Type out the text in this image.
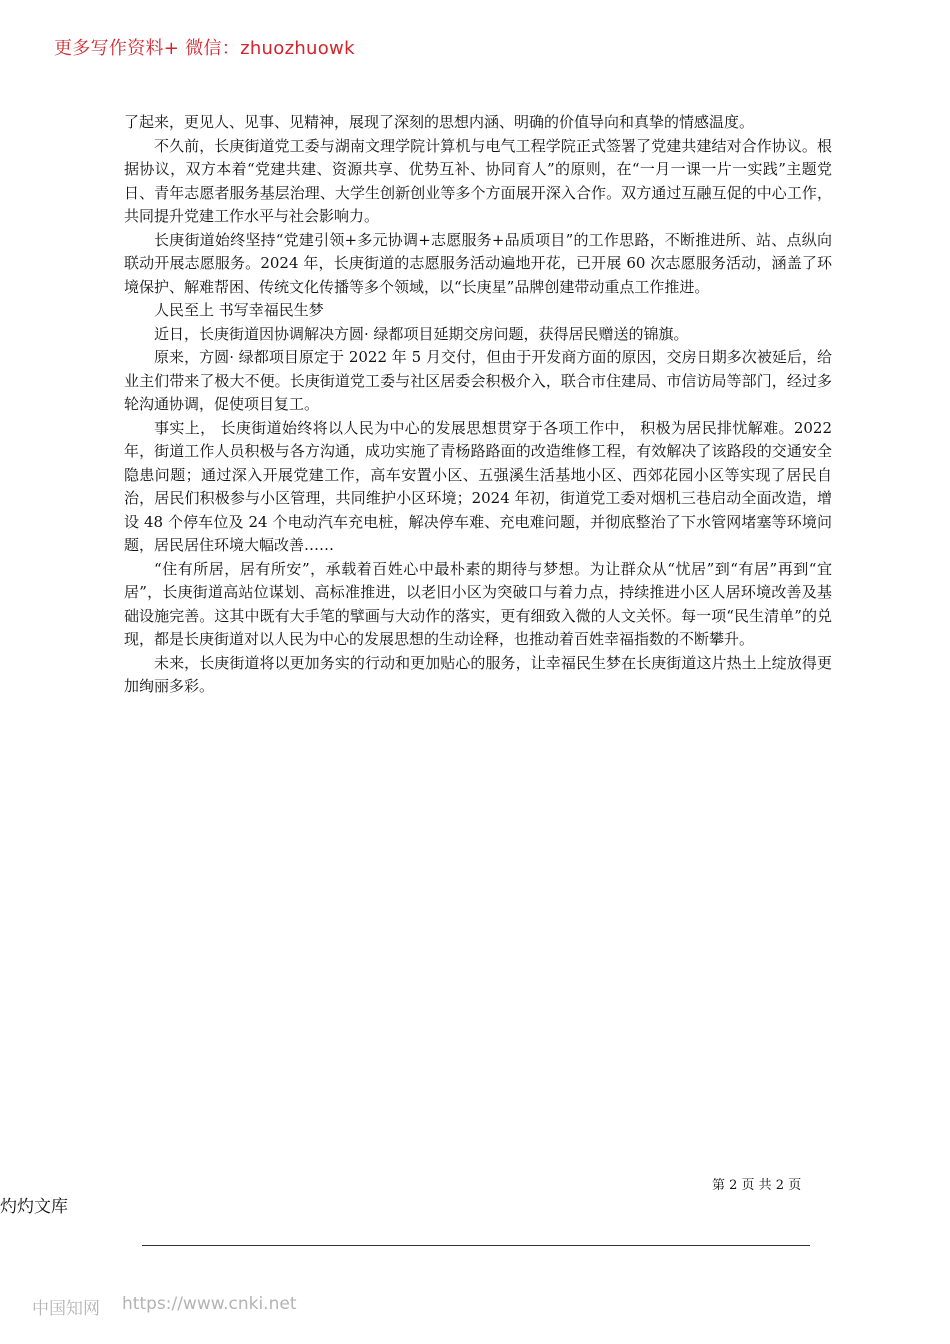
更多写作资料+ 微信：zhuozhuowk

了起来，更见人、见事、见精神，展现了深刻的思想内涵、明确的价值导向和真挚的情感温度。

不久前，长庚街道党工委与湖南文理学院计算机与电气工程学院正式签署了党建共建结对合作协议。根据协议，双方本着“党建共建、资源共享、优势互补、协同育人”的原则，在“一月一课一片一实践”主题党日、青年志愿者服务基层治理、大学生创新创业等多个方面展开深入合作。双方通过互融互促的中心工作，共同提升党建工作水平与社会影响力。

长庚街道始终坚持“党建引领+多元协调+志愿服务+品质项目”的工作思路，不断推进所、站、点纵向联动开展志愿服务。2024 年，长庚街道的志愿服务活动遍地开花，已开展 60 次志愿服务活动，涵盖了环境保护、解难帮困、传统文化传播等多个领域，以“长庚星”品牌创建带动重点工作推进。

人民至上 书写幸福民生梦

近日，长庚街道因协调解决方圆· 绿都项目延期交房问题，获得居民赠送的锦旗。

原来，方圆· 绿都项目原定于 2022 年 5 月交付，但由于开发商方面的原因，交房日期多次被延后，给业主们带来了极大不便。长庚街道党工委与社区居委会积极介入，联合市住建局、市信访局等部门，经过多轮沟通协调，促使项目复工。

事实上， 长庚街道始终将以人民为中心的发展思想贯穿于各项工作中， 积极为居民排忧解难。2022 年，街道工作人员积极与各方沟通，成功实施了青杨路路面的改造维修工程，有效解决了该路段的交通安全隐患问题；通过深入开展党建工作，高车安置小区、五强溪生活基地小区、西郊花园小区等实现了居民自治，居民们积极参与小区管理，共同维护小区环境；2024 年初，街道党工委对烟机三巷启动全面改造，增设 48 个停车位及 24 个电动汽车充电桩，解决停车难、充电难问题，并彻底整治了下水管网堵塞等环境问题，居民居住环境大幅改善……

“住有所居，居有所安”，承载着百姓心中最朴素的期待与梦想。为让群众从“忧居”到“有居”再到“宜居”，长庚街道高站位谋划、高标准推进，以老旧小区为突破口与着力点，持续推进小区人居环境改善及基础设施完善。这其中既有大手笔的擘画与大动作的落实，更有细致入微的人文关怀。每一项“民生清单”的兑现，都是长庚街道对以人民为中心的发展思想的生动诠释，也推动着百姓幸福指数的不断攀升。

未来，长庚街道将以更加务实的行动和更加贴心的服务，让幸福民生梦在长庚街道这片热土上绽放得更加绚丽多彩。

第 2 页 共 2 页
灼灼文库
中国知网 https://www.cnki.net
